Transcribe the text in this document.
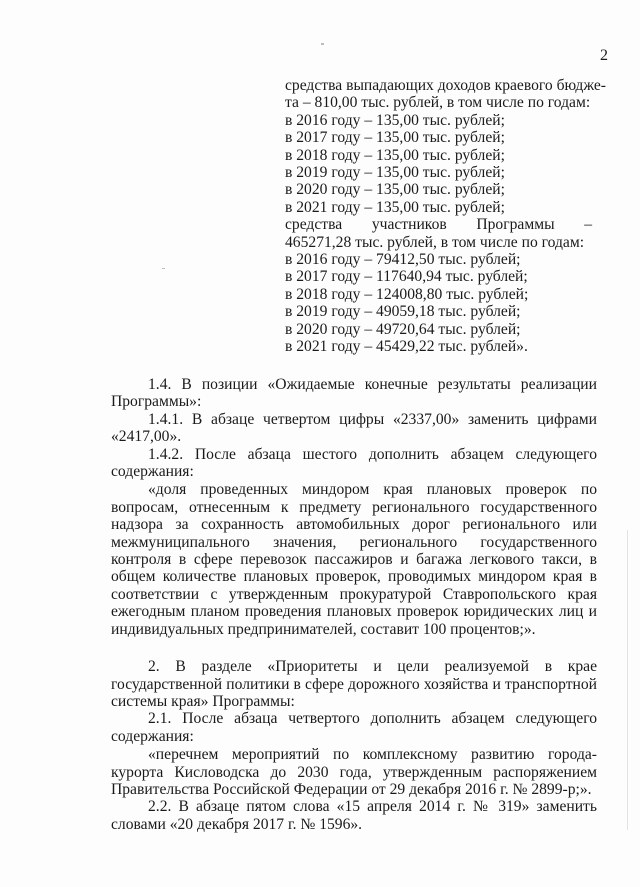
2
средства выпадающих доходов краевого бюдже-
та – 810,00 тыс. рублей, в том числе по годам:
в 2016 году – 135,00 тыс. рублей;
в 2017 году – 135,00 тыс. рублей;
в 2018 году – 135,00 тыс. рублей;
в 2019 году – 135,00 тыс. рублей;
в 2020 году – 135,00 тыс. рублей;
в 2021 году – 135,00 тыс. рублей;
средства участников Программы –
465271,28 тыс. рублей, в том числе по годам:
в 2016 году – 79412,50 тыс. рублей;
в 2017 году – 117640,94 тыс. рублей;
в 2018 году – 124008,80 тыс. рублей;
в 2019 году – 49059,18 тыс. рублей;
в 2020 году – 49720,64 тыс. рублей;
в 2021 году – 45429,22 тыс. рублей».
1.4. В позиции «Ожидаемые конечные результаты реализации Программы»:
1.4.1. В абзаце четвертом цифры «2337,00» заменить цифрами «2417,00».
1.4.2. После абзаца шестого дополнить абзацем следующего содержания:
«доля проведенных миндором края плановых проверок по вопросам, отнесенным к предмету регионального государственного надзора за сохранность автомобильных дорог регионального или межмуниципального значения, регионального государственного контроля в сфере перевозок пассажиров и багажа легкового такси, в общем количестве плановых проверок, проводимых миндором края в соответствии с утвержденным прокуратурой Ставропольского края ежегодным планом проведения плановых проверок юридических лиц и индивидуальных предпринимателей, составит 100 процентов;».
2. В разделе «Приоритеты и цели реализуемой в крае государственной политики в сфере дорожного хозяйства и транспортной системы края» Программы:
2.1. После абзаца четвертого дополнить абзацем следующего содержания:
«перечнем мероприятий по комплексному развитию города-курорта Кисловодска до 2030 года, утвержденным распоряжением Правительства Российской Федерации от 29 декабря 2016 г. № 2899-р;».
2.2. В абзаце пятом слова «15 апреля 2014 г. № 319» заменить словами «20 декабря 2017 г. № 1596».
